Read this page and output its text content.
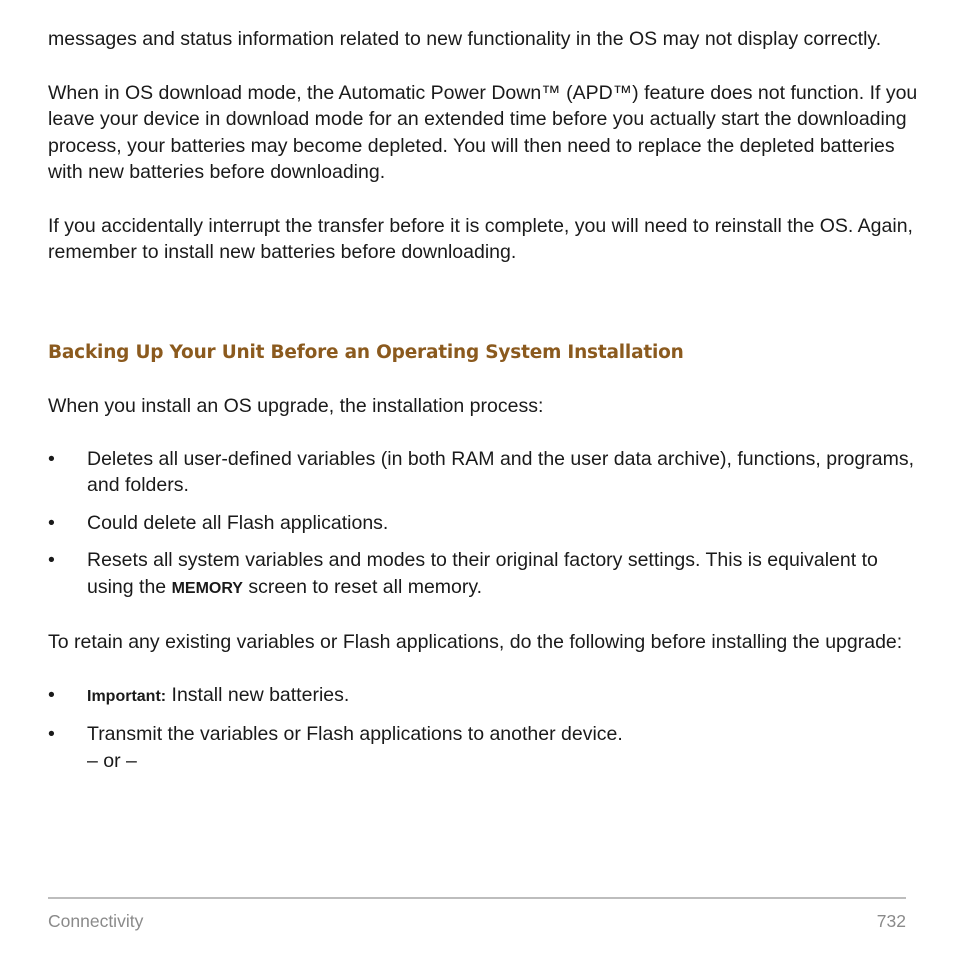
messages and status information related to new functionality in the OS may not display correctly.

When in OS download mode, the Automatic Power Down™ (APD™) feature does not function. If you leave your device in download mode for an extended time before you actually start the downloading process, your batteries may become depleted. You will then need to replace the depleted batteries with new batteries before downloading.

If you accidentally interrupt the transfer before it is complete, you will need to reinstall the OS. Again, remember to install new batteries before downloading.

Backing Up Your Unit Before an Operating System Installation

When you install an OS upgrade, the installation process:

• Deletes all user-defined variables (in both RAM and the user data archive), functions, programs, and folders.
• Could delete all Flash applications.
• Resets all system variables and modes to their original factory settings. This is equivalent to using the MEMORY screen to reset all memory.

To retain any existing variables or Flash applications, do the following before installing the upgrade:

• Important: Install new batteries.
• Transmit the variables or Flash applications to another device.
– or –
Connectivity	732
